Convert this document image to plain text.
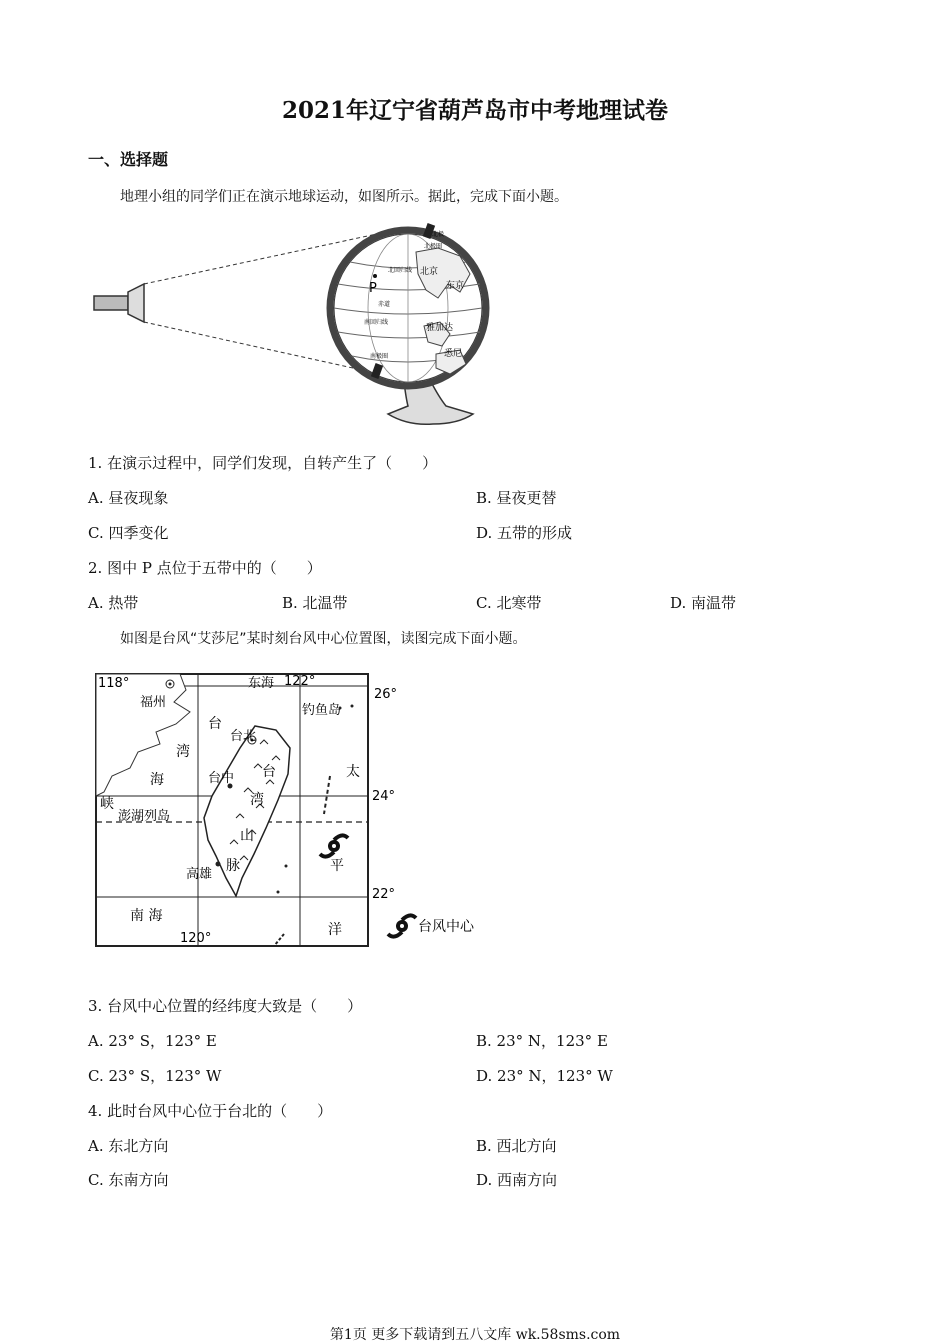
2021年辽宁省葫芦岛市中考地理试卷
一、选择题
地理小组的同学们正在演示地球运动，如图所示。据此，完成下面小题。
P
北京
东京
雅加达
悉尼
北极
北极圈
北回归线
赤道
南回归线
南极圈
1. 在演示过程中，同学们发现，自转产生了（　　）
A. 昼夜现象	B. 昼夜更替
C. 四季变化	D. 五带的形成
2. 图中 P 点位于五带中的（　　）
A. 热带	B. 北温带	C. 北寒带	D. 南温带
如图是台风“艾莎尼”某时刻台风中心位置图，读图完成下面小题。
118°	东海 122°
26°
福州
钓鱼岛
台
湾
海
台北
台中 台
湾
山
脉
太
平
洋
24°
峡
澎湖列岛
高雄
22°
南 海
120°
台风中心
3. 台风中心位置的经纬度大致是（　　）
A. 23° S，123° E	B. 23° N，123° E
C. 23° S，123° W	D. 23° N，123° W
4. 此时台风中心位于台北的（　　）
A. 东北方向	B. 西北方向
C. 东南方向	D. 西南方向
第1页 更多下载请到五八文库 wk.58sms.com
